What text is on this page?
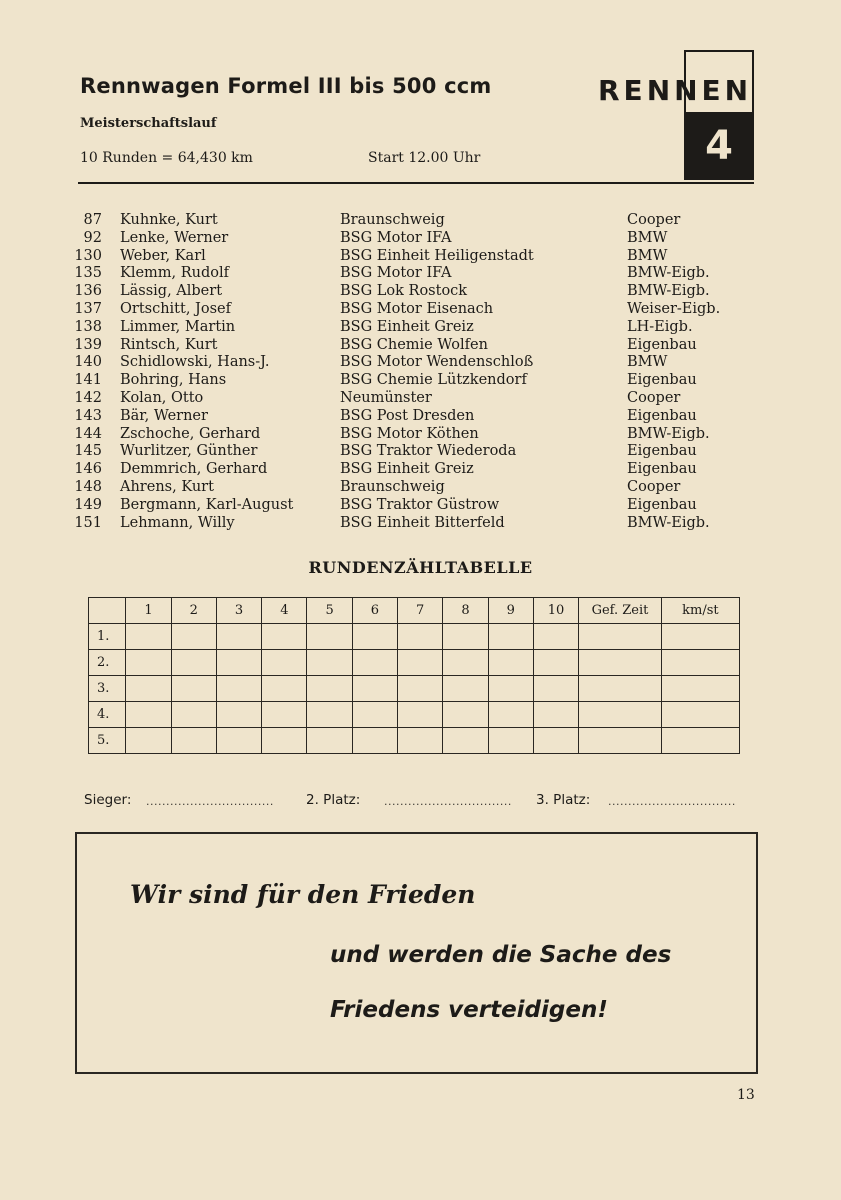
Rennwagen Formel III bis 500 ccm
Meisterschaftslauf
10 Runden = 64,430 km	Start 12.00 Uhr
RENNEN
4
87 Kuhnke, Kurt	Braunschweig	Cooper
92 Lenke, Werner	BSG Motor IFA	BMW
130 Weber, Karl	BSG Einheit Heiligenstadt	BMW
135 Klemm, Rudolf	BSG Motor IFA	BMW-Eigb.
136 Lässig, Albert	BSG Lok Rostock	BMW-Eigb.
137 Ortschitt, Josef	BSG Motor Eisenach	Weiser-Eigb.
138 Limmer, Martin	BSG Einheit Greiz	LH-Eigb.
139 Rintsch, Kurt	BSG Chemie Wolfen	Eigenbau
140 Schidlowski, Hans-J.	BSG Motor Wendenschloß	BMW
141 Bohring, Hans	BSG Chemie Lützkendorf	Eigenbau
142 Kolan, Otto	Neumünster	Cooper
143 Bär, Werner	BSG Post Dresden	Eigenbau
144 Zschoche, Gerhard	BSG Motor Köthen	BMW-Eigb.
145 Wurlitzer, Günther	BSG Traktor Wiederoda	Eigenbau
146 Demmrich, Gerhard	BSG Einheit Greiz	Eigenbau
148 Ahrens, Kurt	Braunschweig	Cooper
149 Bergmann, Karl-August	BSG Traktor Güstrow	Eigenbau
151 Lehmann, Willy	BSG Einheit Bitterfeld	BMW-Eigb.
RUNDENZÄHLTABELLE
	1	2	3	4	5	6	7	8	9	10	Gef. Zeit	km/st
1.												
2.												
3.												
4.												
5.												
Sieger: ................................ 2. Platz: ................................ 3. Platz: ................................
Wir sind für den Frieden
und werden die Sache des
Friedens verteidigen!
13
